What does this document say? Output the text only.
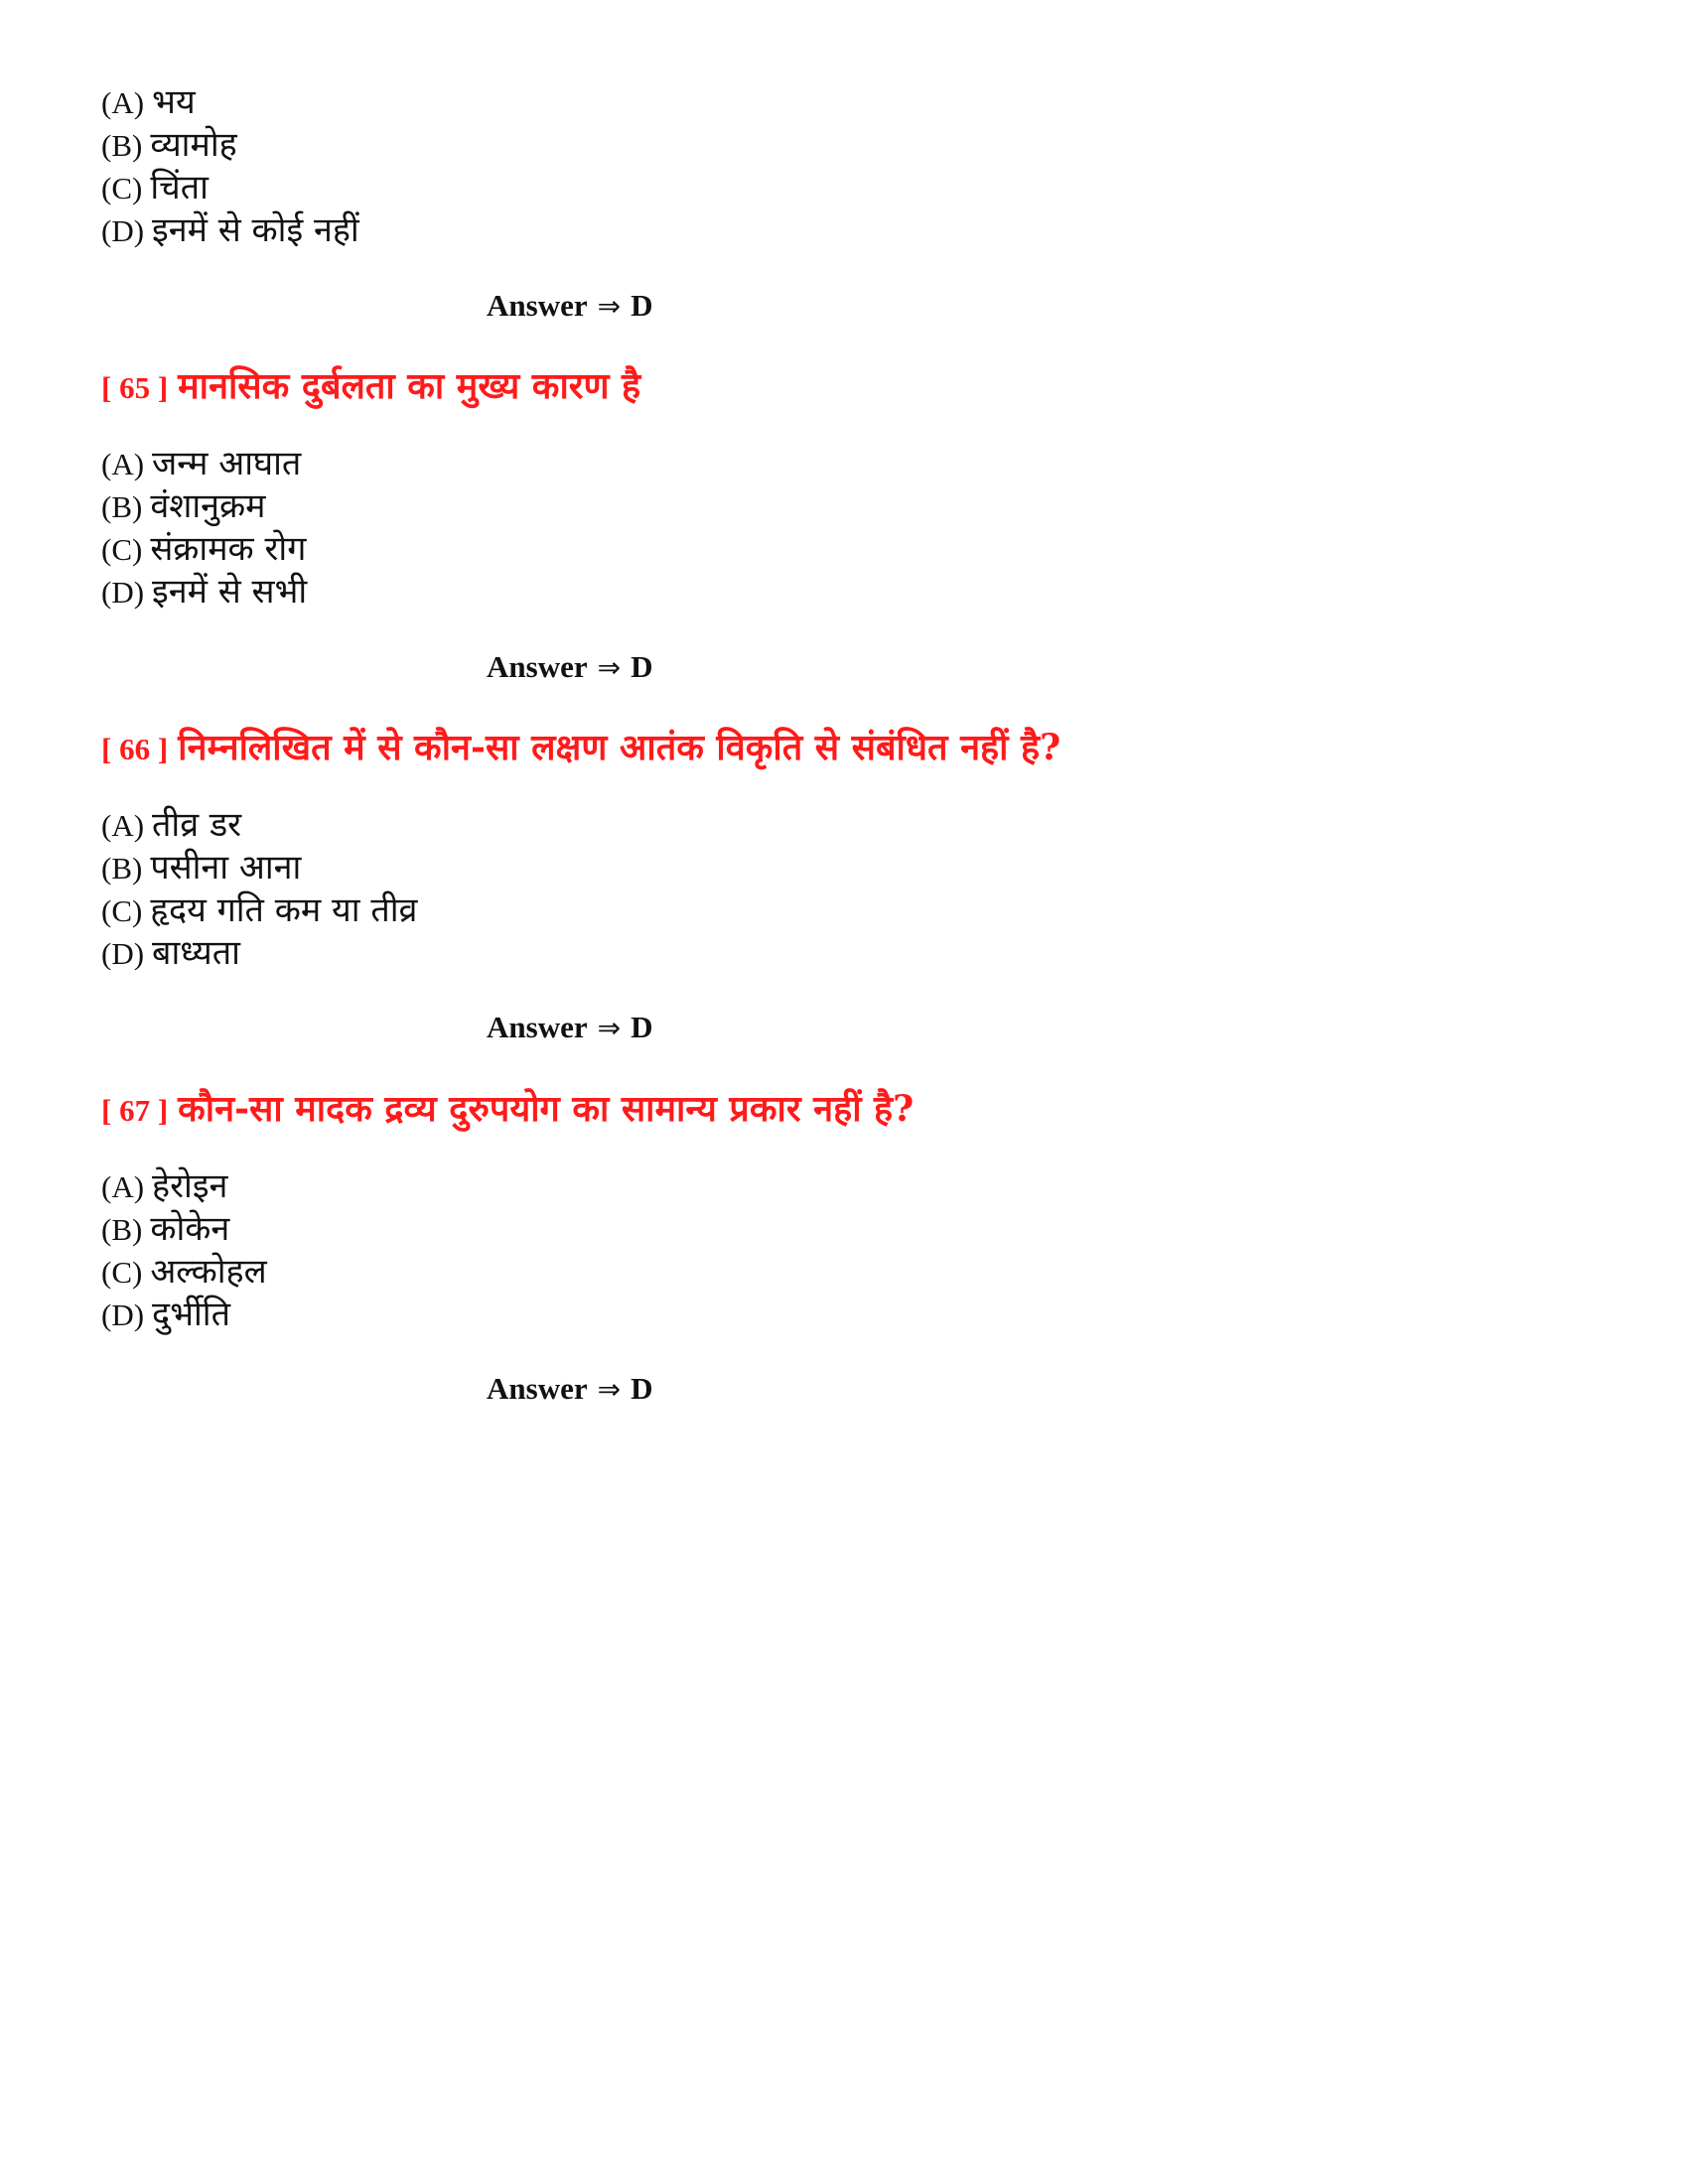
(A) भय
(B) व्यामोह
(C) चिंता
(D) इनमें से कोई नहीं
Answer ⇒ D
[ 65 ] मानसिक दुर्बलता का मुख्य कारण है
(A) जन्म आघात
(B) वंशानुक्रम
(C) संक्रामक रोग
(D) इनमें से सभी
Answer ⇒ D
[ 66 ] निम्नलिखित में से कौन-सा लक्षण आतंक विकृति से संबंधित नहीं है?
(A) तीव्र डर
(B) पसीना आना
(C) हृदय गति कम या तीव्र
(D) बाध्यता
Answer ⇒ D
[ 67 ] कौन-सा मादक द्रव्य दुरुपयोग का सामान्य प्रकार नहीं है?
(A) हेरोइन
(B) कोकेन
(C) अल्कोहल
(D) दुर्भीति
Answer ⇒ D
